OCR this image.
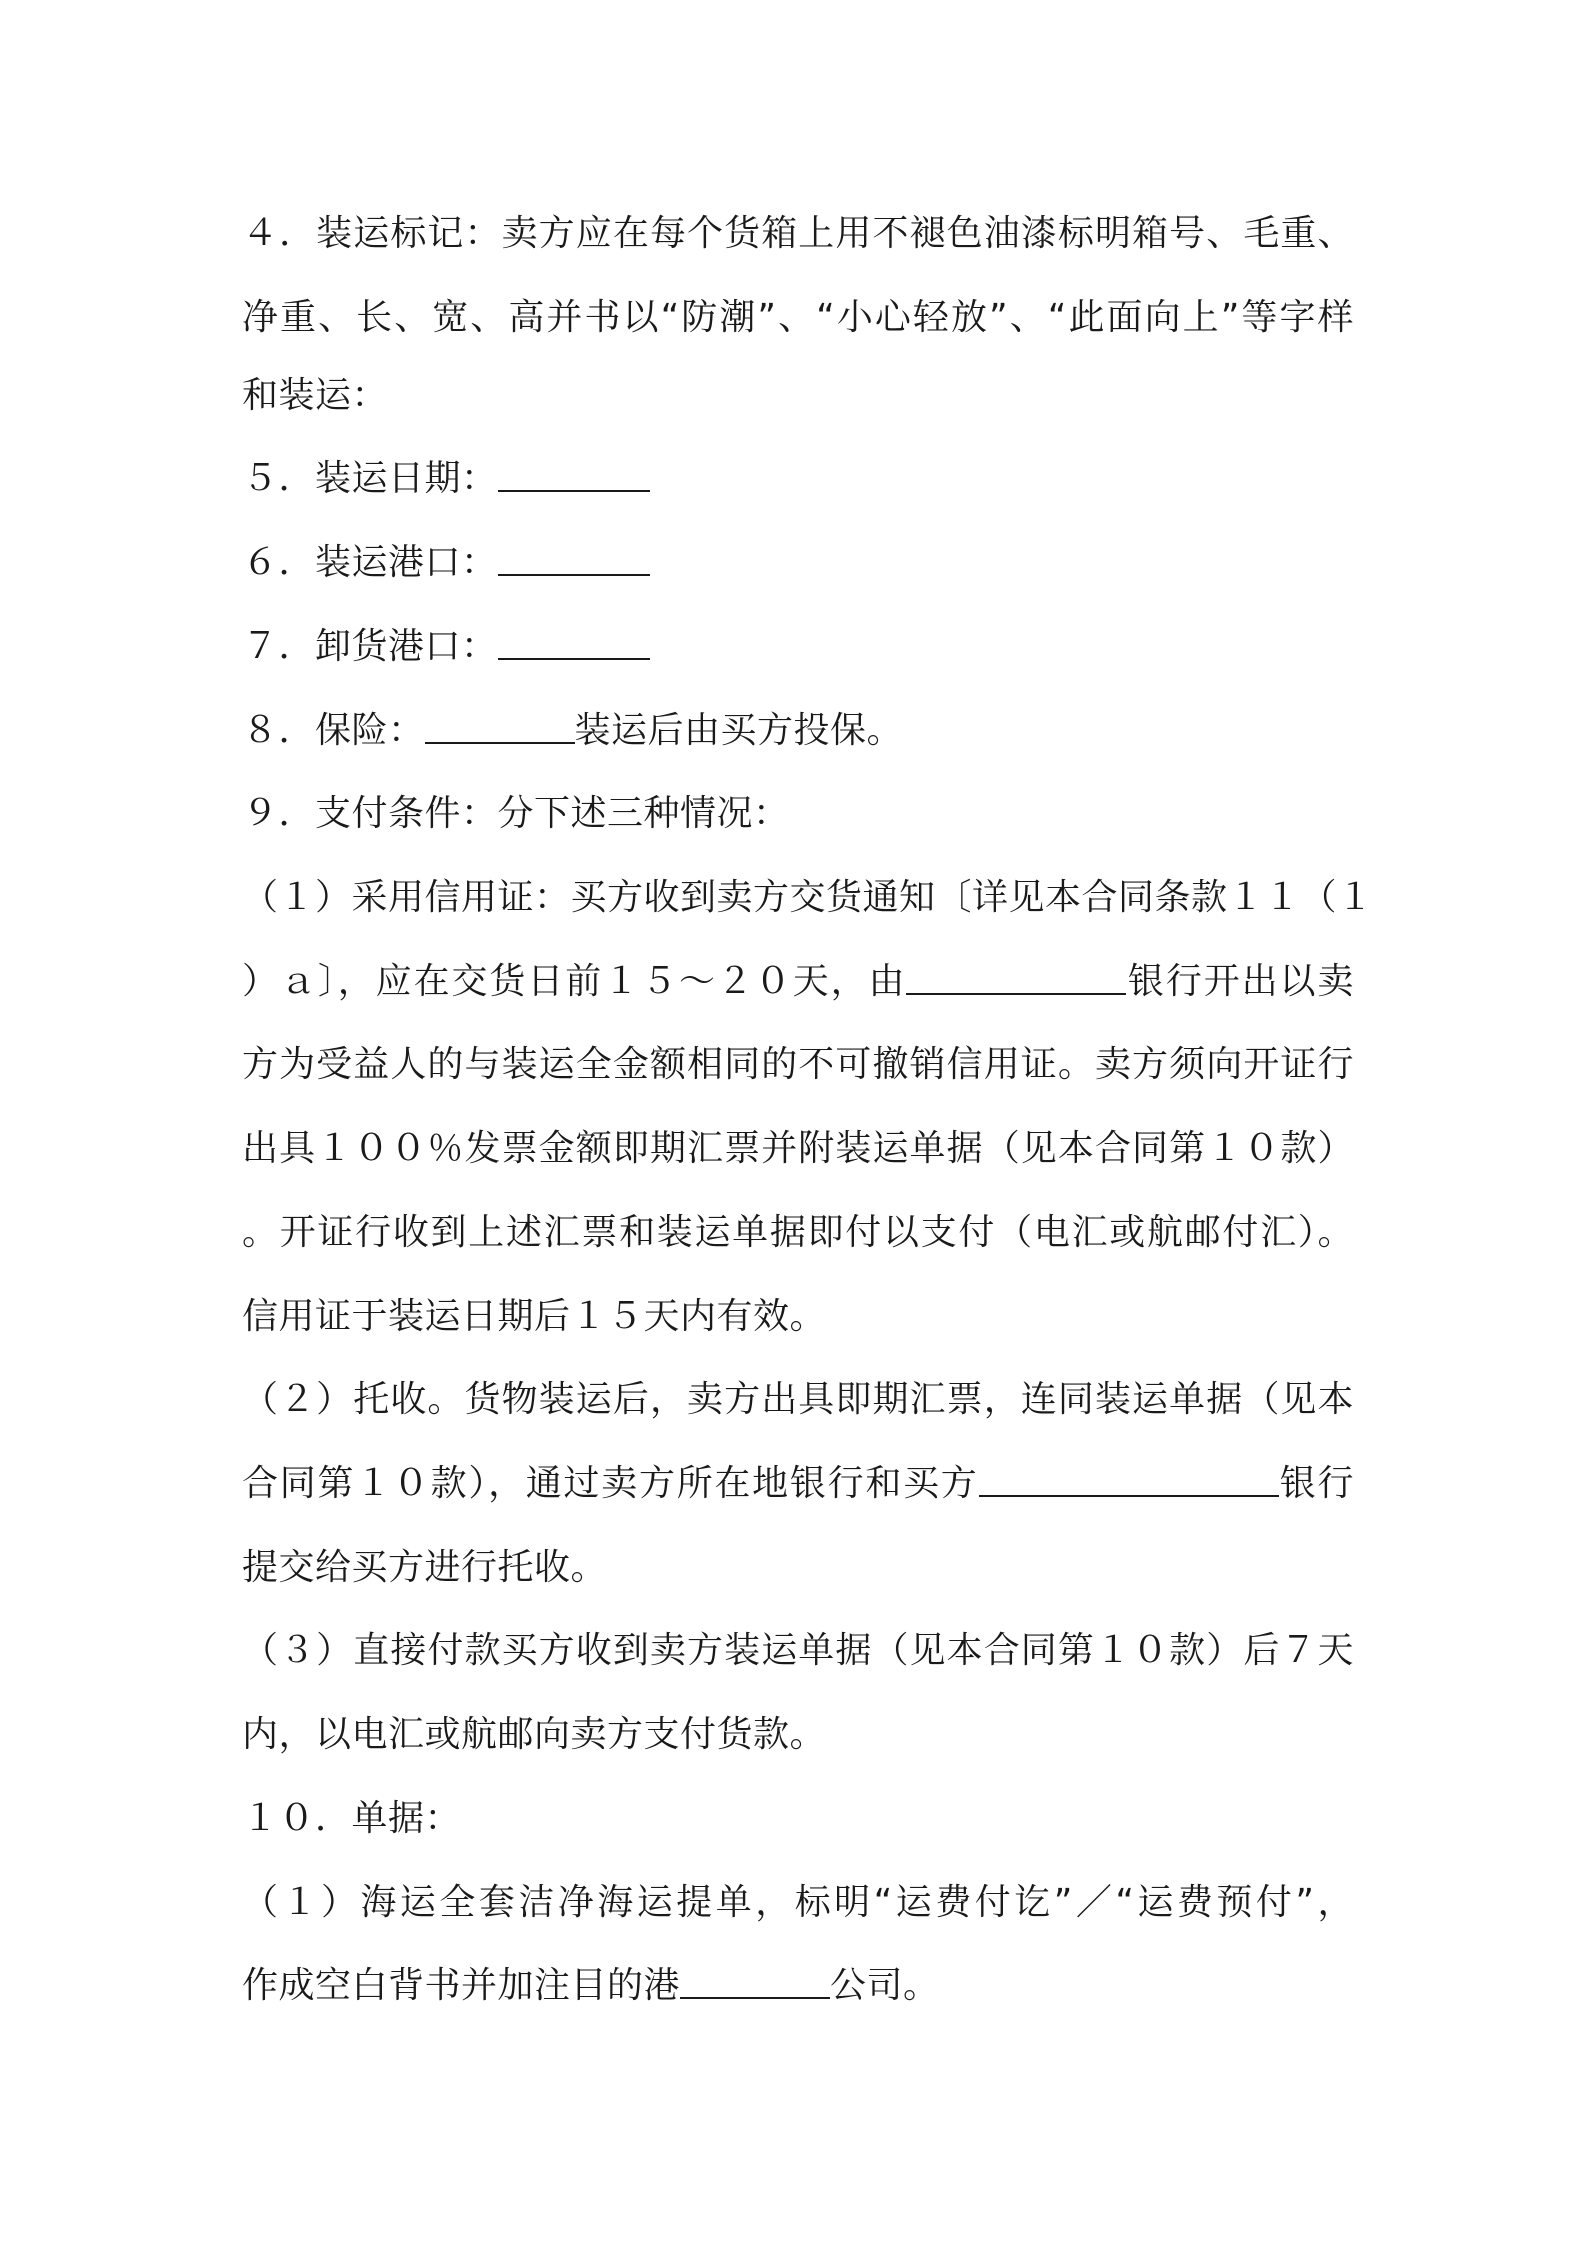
４．装运标记：卖方应在每个货箱上用不褪色油漆标明箱号、毛重、
净重、长、宽、高并书以“防潮”、“小心轻放”、“此面向上”等字样
和装运：
５．装运日期：
６．装运港口：
７．卸货港口：
８．保险：	装运后由买方投保。
９．支付条件：分下述三种情况：
（１）采用信用证：买方收到卖方交货通知〔详见本合同条款１１（１
）ａ〕，应在交货日前１５～２０天，由	银行开出以卖
方为受益人的与装运全金额相同的不可撤销信用证。卖方须向开证行
出具１００％发票金额即期汇票并附装运单据（见本合同第１０款）
。开证行收到上述汇票和装运单据即付以支付（电汇或航邮付汇）。
信用证于装运日期后１５天内有效。
（２）托收。货物装运后，卖方出具即期汇票，连同装运单据（见本
合同第１０款），通过卖方所在地银行和买方	银行
提交给买方进行托收。
（３）直接付款买方收到卖方装运单据（见本合同第１０款）后７天
内，以电汇或航邮向卖方支付货款。
１０．单据：
（１）海运全套洁净海运提单，标明“运费付讫”／“运费预付”，
作成空白背书并加注目的港	公司。
